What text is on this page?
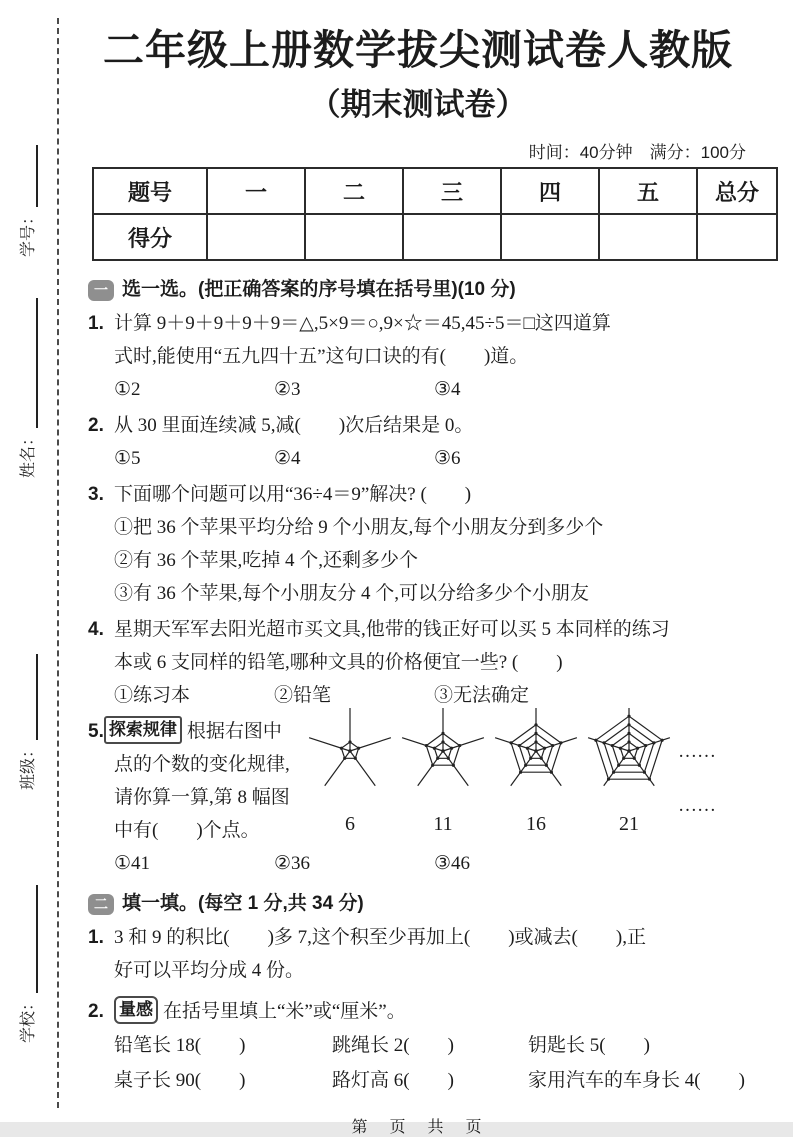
学号：
姓名：
班级：
学校：
二年级上册数学拔尖测试卷人教版
（期末测试卷）
时间：40分钟　满分：100分
题号	一	二	三	四	五	总分
得分						
一 选一选。(把正确答案的序号填在括号里)(10 分)
1. 计算 9＋9＋9＋9＋9＝△,5×9＝○,9×☆＝45,45÷5＝□这四道算
式时,能使用“五九四十五”这句口诀的有(　　)道。
①2	②3	③4
2. 从 30 里面连续减 5,减(　　)次后结果是 0。
①5	②4	③6
3. 下面哪个问题可以用“36÷4＝9”解决? (　　)
①把 36 个苹果平均分给 9 个小朋友,每个小朋友分到多少个
②有 36 个苹果,吃掉 4 个,还剩多少个
③有 36 个苹果,每个小朋友分 4 个,可以分给多少个小朋友
4. 星期天军军去阳光超市买文具,他带的钱正好可以买 5 本同样的练习
本或 6 支同样的铅笔,哪种文具的价格便宜一些? (　　)
①练习本	②铅笔	③无法确定
5. 探索规律 根据右图中
点的个数的变化规律,
请你算一算,第 8 幅图
中有(　　)个点。	6	11	16	21
……
……
①41	②36	③46
二 填一填。(每空 1 分,共 34 分)
1. 3 和 9 的积比(　　)多 7,这个积至少再加上(　　)或减去(　　),正
好可以平均分成 4 份。
2. 量感 在括号里填上“米”或“厘米”。
铅笔长 18(　　)	跳绳长 2(　　)	钥匙长 5(　　)
桌子长 90(　　)	路灯高 6(　　)	家用汽车的车身长 4(　　)
第　页　共　页
